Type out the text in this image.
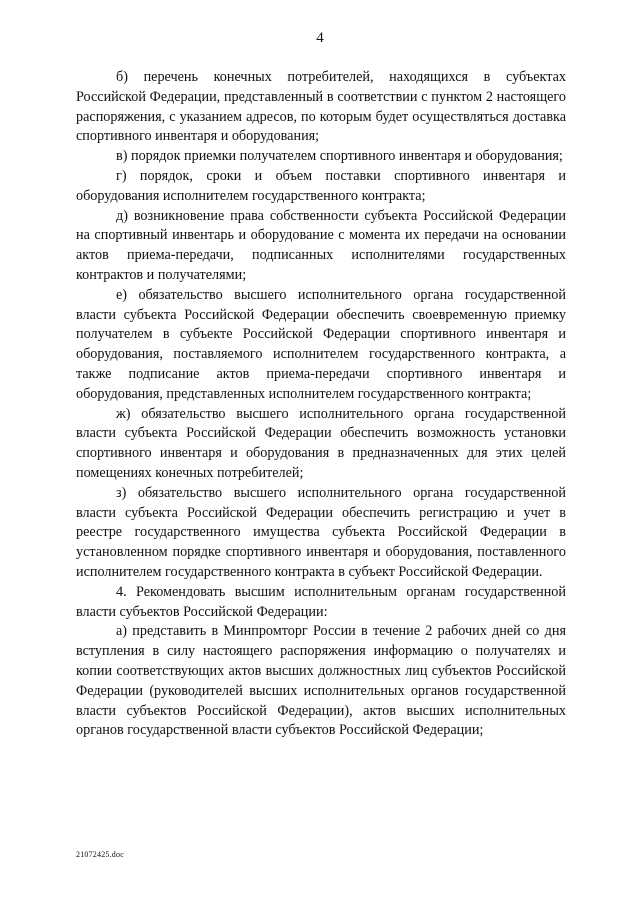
4

б) перечень конечных потребителей, находящихся в субъектах Российской Федерации, представленный в соответствии с пунктом 2 настоящего распоряжения, с указанием адресов, по которым будет осуществляться доставка спортивного инвентаря и оборудования;

в) порядок приемки получателем спортивного инвентаря и оборудования;

г) порядок, сроки и объем поставки спортивного инвентаря и оборудования исполнителем государственного контракта;

д) возникновение права собственности субъекта Российской Федерации на спортивный инвентарь и оборудование с момента их передачи на основании актов приема-передачи, подписанных исполнителями государственных контрактов и получателями;

е) обязательство высшего исполнительного органа государственной власти субъекта Российской Федерации обеспечить своевременную приемку получателем в субъекте Российской Федерации спортивного инвентаря и оборудования, поставляемого исполнителем государственного контракта, а также подписание актов приема-передачи спортивного инвентаря и оборудования, представленных исполнителем государственного контракта;

ж) обязательство высшего исполнительного органа государственной власти субъекта Российской Федерации обеспечить возможность установки спортивного инвентаря и оборудования в предназначенных для этих целей помещениях конечных потребителей;

з) обязательство высшего исполнительного органа государственной власти субъекта Российской Федерации обеспечить регистрацию и учет в реестре государственного имущества субъекта Российской Федерации в установленном порядке спортивного инвентаря и оборудования, поставленного исполнителем государственного контракта в субъект Российской Федерации.

4. Рекомендовать высшим исполнительным органам государственной власти субъектов Российской Федерации:

а) представить в Минпромторг России в течение 2 рабочих дней со дня вступления в силу настоящего распоряжения информацию о получателях и копии соответствующих актов высших должностных лиц субъектов Российской Федерации (руководителей высших исполнительных органов государственной власти субъектов Российской Федерации), актов высших исполнительных органов государственной власти субъектов Российской Федерации;

21072425.doc
